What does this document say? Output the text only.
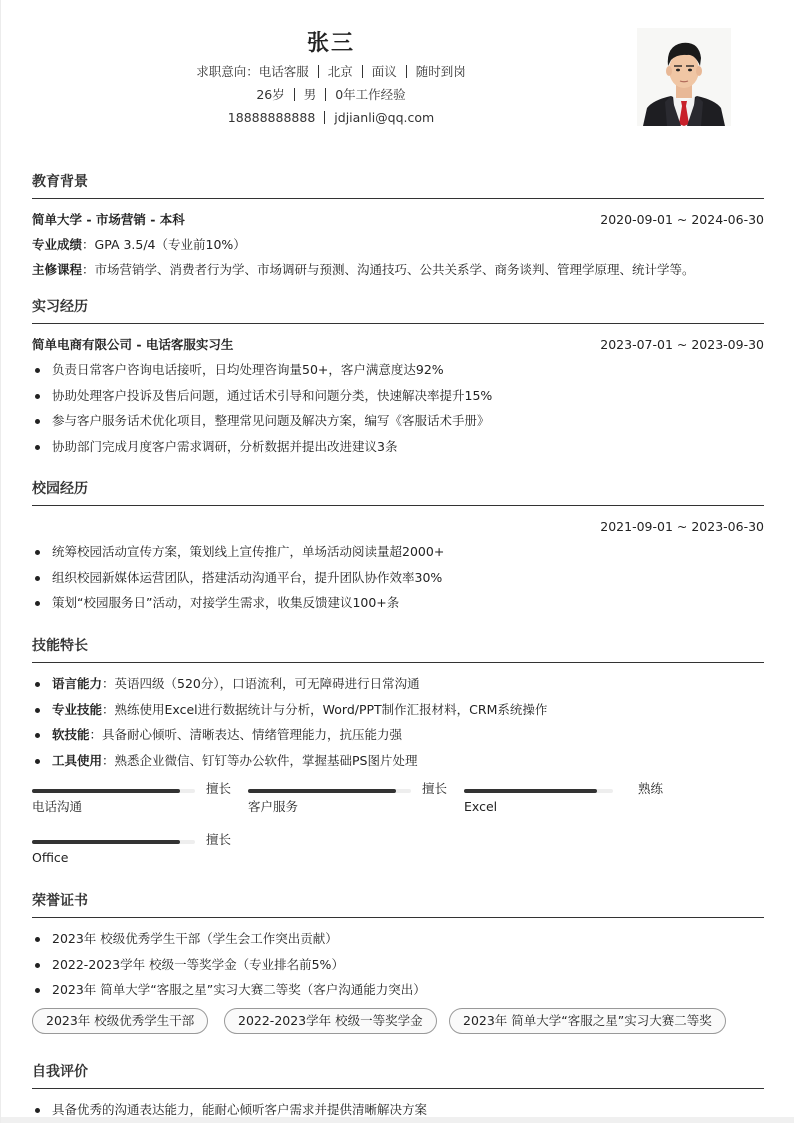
张三
求职意向：电话客服 北京 面议 随时到岗
26岁 男 0年工作经验
18888888888 jdjianli@qq.com
教育背景
简单大学 - 市场营销 - 本科	2020-09-01 ~ 2024-06-30
专业成绩：GPA 3.5/4（专业前10%）
主修课程：市场营销学、消费者行为学、市场调研与预测、沟通技巧、公共关系学、商务谈判、管理学原理、统计学等。
实习经历
简单电商有限公司 - 电话客服实习生	2023-07-01 ~ 2023-09-30
负责日常客户咨询电话接听，日均处理咨询量50+，客户满意度达92%
协助处理客户投诉及售后问题，通过话术引导和问题分类，快速解决率提升15%
参与客户服务话术优化项目，整理常见问题及解决方案，编写《客服话术手册》
协助部门完成月度客户需求调研，分析数据并提出改进建议3条
校园经历

2021-09-01 ~ 2023-06-30
统筹校园活动宣传方案，策划线上宣传推广，单场活动阅读量超2000+
组织校园新媒体运营团队，搭建活动沟通平台，提升团队协作效率30%
策划“校园服务日”活动，对接学生需求，收集反馈建议100+条
技能特长
语言能力：英语四级（520分），口语流利，可无障碍进行日常沟通
专业技能：熟练使用Excel进行数据统计与分析，Word/PPT制作汇报材料，CRM系统操作
软技能：具备耐心倾听、清晰表达、情绪管理能力，抗压能力强
工具使用：熟悉企业微信、钉钉等办公软件，掌握基础PS图片处理
擅长
电话沟通
擅长
客户服务
熟练
Excel
擅长
Office
荣誉证书
2023年 校级优秀学生干部（学生会工作突出贡献）
2022-2023学年 校级一等奖学金（专业排名前5%）
2023年 简单大学“客服之星”实习大赛二等奖（客户沟通能力突出）
2023年 校级优秀学生干部	2022-2023学年 校级一等奖学金	2023年 简单大学“客服之星”实习大赛二等奖
自我评价
具备优秀的沟通表达能力，能耐心倾听客户需求并提供清晰解决方案
